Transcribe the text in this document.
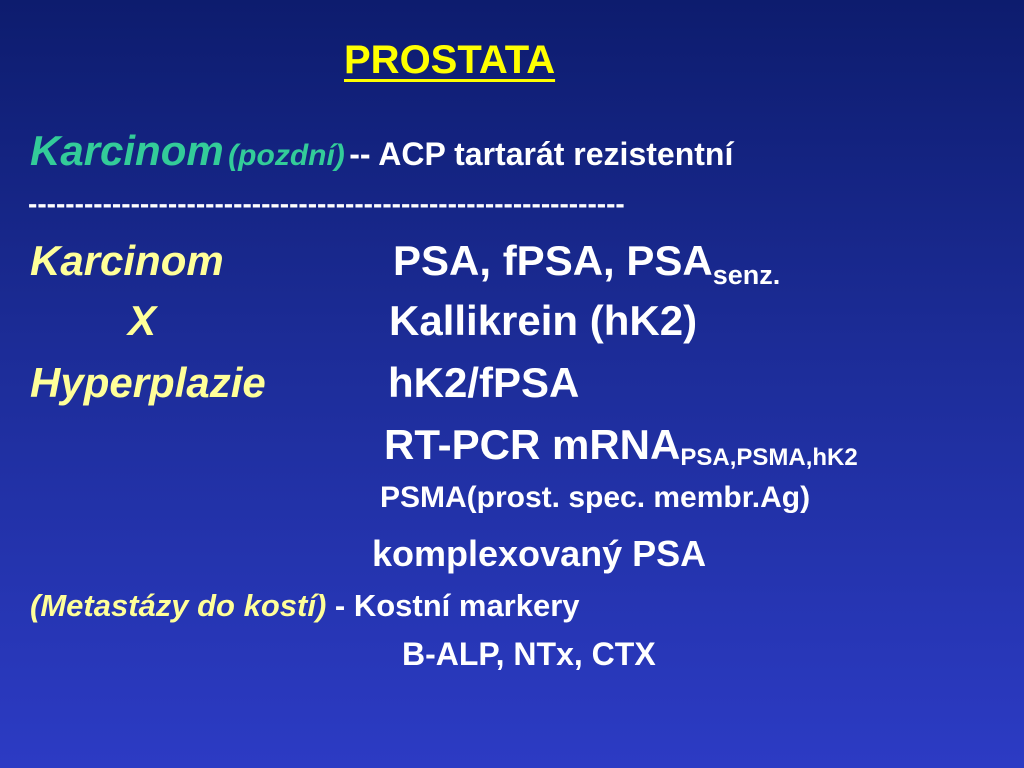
PROSTATA
Karcinom (pozdní) -- ACP tartarát rezistentní
----------------------------------------------------------------
Karcinom	PSA, fPSA, $PSA_{senz.}$
X	Kallikrein (hK2)
Hyperplazie	hK2/fPSA
RT-PCR mRNA$_{PSA,PSMA,hK2}$
PSMA(prost. spec. membr.Ag)
komplexovaný PSA
(Metastázy do kostí) - Kostní markery
B-ALP, NTx, CTX
